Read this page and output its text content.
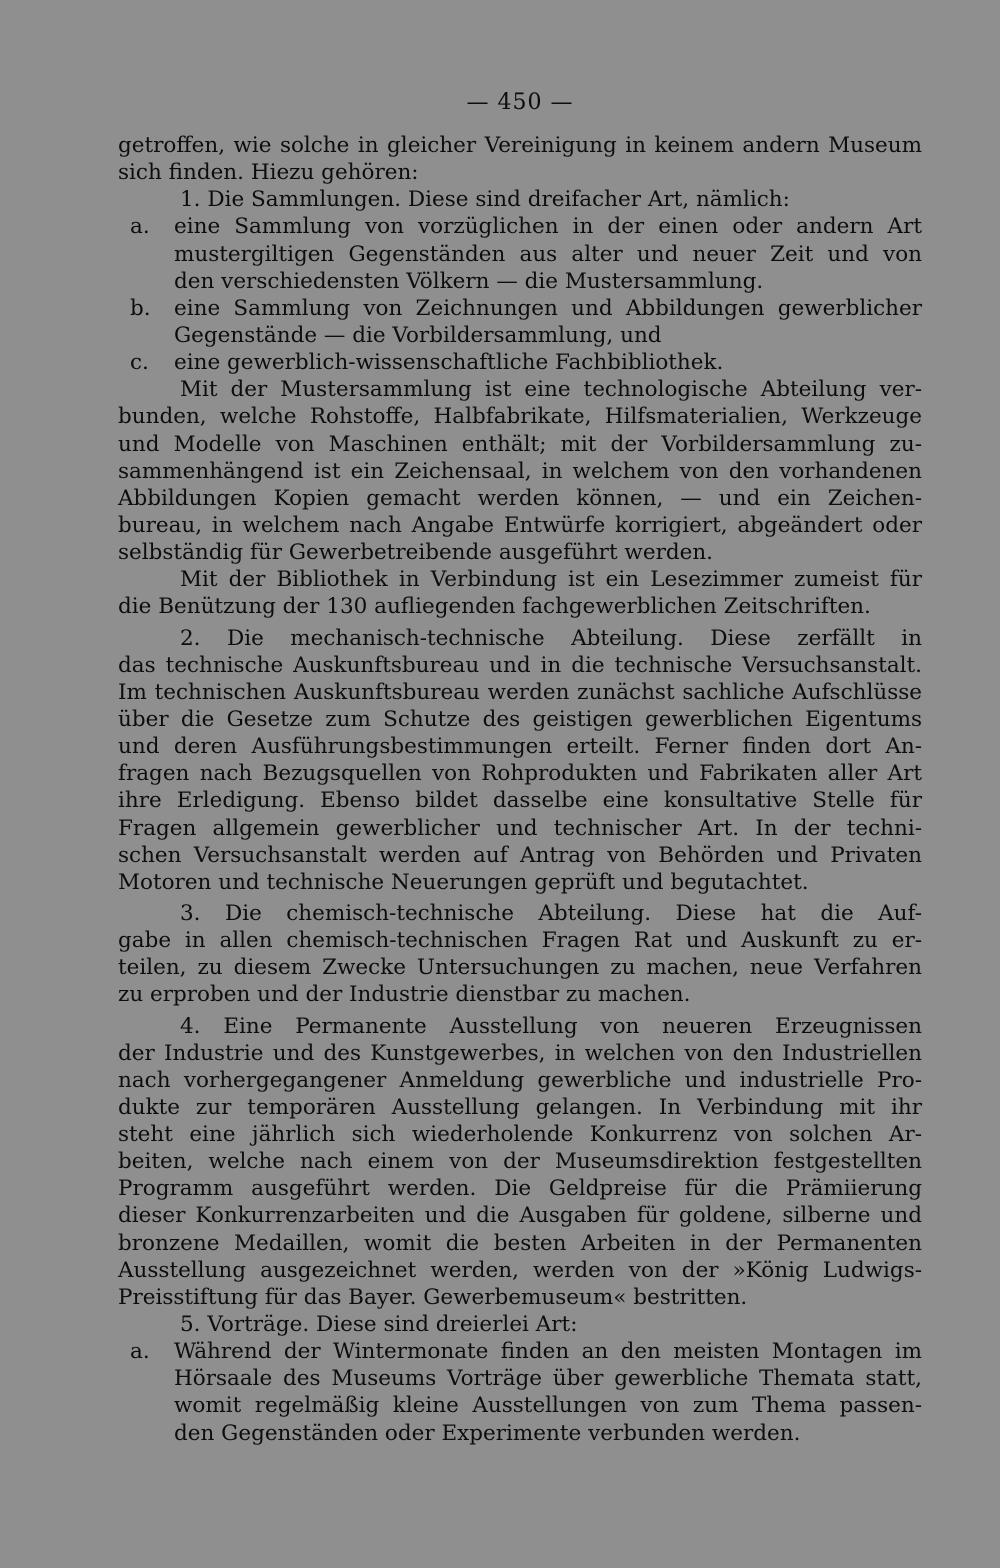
— 450 —
getroffen, wie solche in gleicher Vereinigung in keinem andern Museum
sich finden. Hiezu gehören:
1. Die Sammlungen. Diese sind dreifacher Art, nämlich:
a. eine Sammlung von vorzüglichen in der einen oder andern Art
mustergiltigen Gegenständen aus alter und neuer Zeit und von
den verschiedensten Völkern — die Mustersammlung.
b. eine Sammlung von Zeichnungen und Abbildungen gewerblicher
Gegenstände — die Vorbildersammlung, und
c. eine gewerblich-wissenschaftliche Fachbibliothek.
Mit der Mustersammlung ist eine technologische Abteilung ver-
bunden, welche Rohstoffe, Halbfabrikate, Hilfsmaterialien, Werkzeuge
und Modelle von Maschinen enthält; mit der Vorbildersammlung zu-
sammenhängend ist ein Zeichensaal, in welchem von den vorhandenen
Abbildungen Kopien gemacht werden können, — und ein Zeichen-
bureau, in welchem nach Angabe Entwürfe korrigiert, abgeändert oder
selbständig für Gewerbetreibende ausgeführt werden.
Mit der Bibliothek in Verbindung ist ein Lesezimmer zumeist für
die Benützung der 130 aufliegenden fachgewerblichen Zeitschriften.
2. Die mechanisch-technische Abteilung. Diese zerfällt in
das technische Auskunftsbureau und in die technische Versuchsanstalt.
Im technischen Auskunftsbureau werden zunächst sachliche Aufschlüsse
über die Gesetze zum Schutze des geistigen gewerblichen Eigentums
und deren Ausführungsbestimmungen erteilt. Ferner finden dort An-
fragen nach Bezugsquellen von Rohprodukten und Fabrikaten aller Art
ihre Erledigung. Ebenso bildet dasselbe eine konsultative Stelle für
Fragen allgemein gewerblicher und technischer Art. In der techni-
schen Versuchsanstalt werden auf Antrag von Behörden und Privaten
Motoren und technische Neuerungen geprüft und begutachtet.
3. Die chemisch-technische Abteilung. Diese hat die Auf-
gabe in allen chemisch-technischen Fragen Rat und Auskunft zu er-
teilen, zu diesem Zwecke Untersuchungen zu machen, neue Verfahren
zu erproben und der Industrie dienstbar zu machen.
4. Eine Permanente Ausstellung von neueren Erzeugnissen
der Industrie und des Kunstgewerbes, in welchen von den Industriellen
nach vorhergegangener Anmeldung gewerbliche und industrielle Pro-
dukte zur temporären Ausstellung gelangen. In Verbindung mit ihr
steht eine jährlich sich wiederholende Konkurrenz von solchen Ar-
beiten, welche nach einem von der Museumsdirektion festgestellten
Programm ausgeführt werden. Die Geldpreise für die Prämiierung
dieser Konkurrenzarbeiten und die Ausgaben für goldene, silberne und
bronzene Medaillen, womit die besten Arbeiten in der Permanenten
Ausstellung ausgezeichnet werden, werden von der »König Ludwigs-
Preisstiftung für das Bayer. Gewerbemuseum« bestritten.
5. Vorträge. Diese sind dreierlei Art:
a. Während der Wintermonate finden an den meisten Montagen im
Hörsaale des Museums Vorträge über gewerbliche Themata statt,
womit regelmäßig kleine Ausstellungen von zum Thema passen-
den Gegenständen oder Experimente verbunden werden.
